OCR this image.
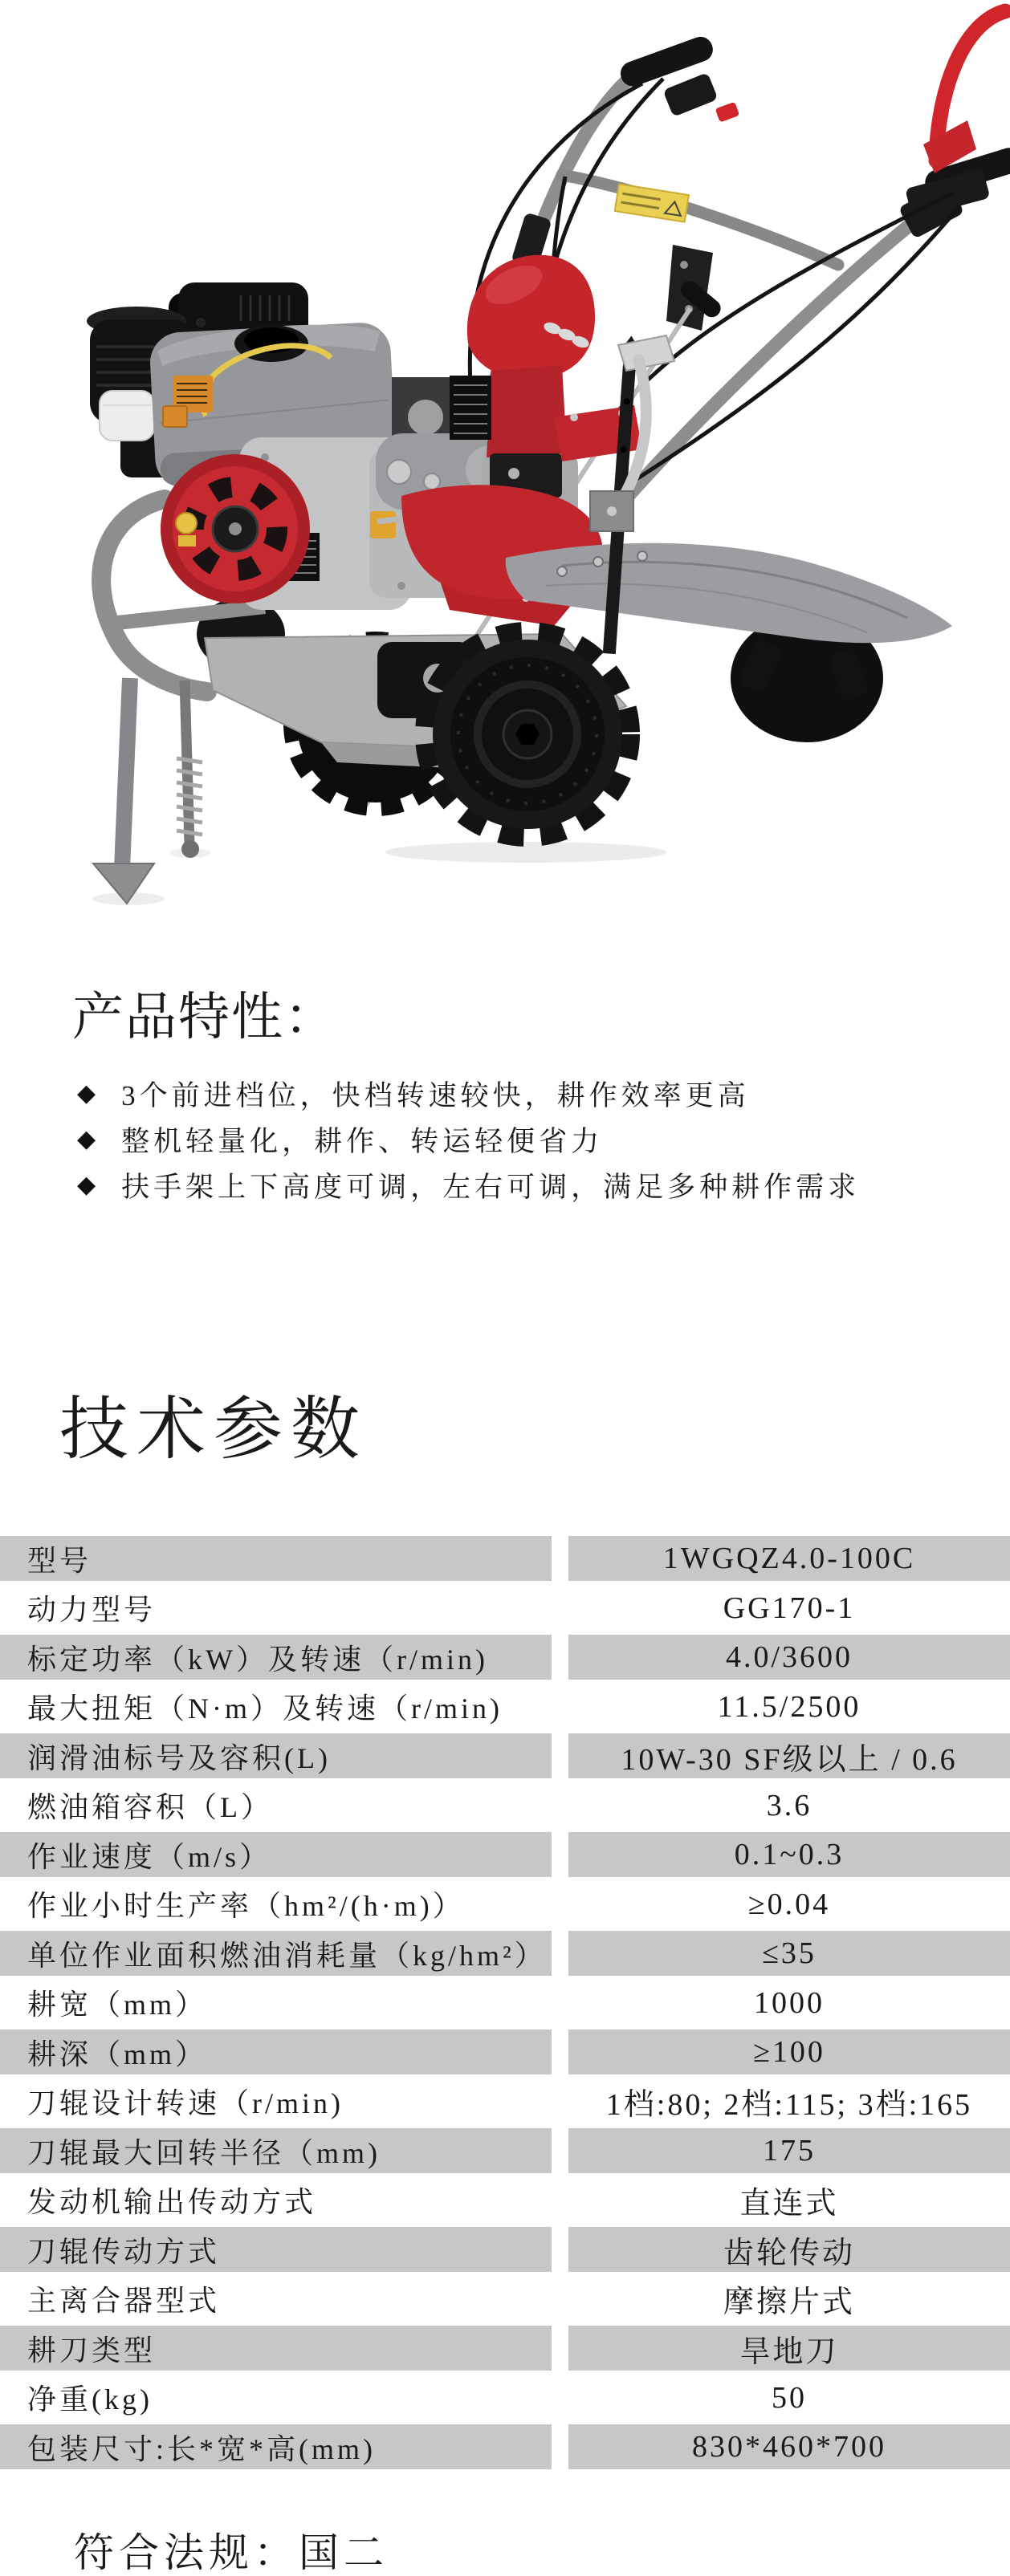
产品特性：
◆ 3个前进档位，快档转速较快，耕作效率更高
◆ 整机轻量化，耕作、转运轻便省力
◆ 扶手架上下高度可调，左右可调，满足多种耕作需求
技术参数
型号	1WGQZ4.0-100C
动力型号	GG170-1
标定功率（kW）及转速（r/min)	4.0/3600
最大扭矩（N·m）及转速（r/min)	11.5/2500
润滑油标号及容积(L)	10W-30 SF级以上 / 0.6
燃油箱容积（L）	3.6
作业速度（m/s）	0.1~0.3
作业小时生产率（hm²/(h·m)）	≥0.04
单位作业面积燃油消耗量（kg/hm²）	≤35
耕宽（mm）	1000
耕深（mm）	≥100
刀辊设计转速（r/min)	1档:80; 2档:115; 3档:165
刀辊最大回转半径（mm)	175
发动机输出传动方式	直连式
刀辊传动方式	齿轮传动
主离合器型式	摩擦片式
耕刀类型	旱地刀
净重(kg)	50
包装尺寸:长*宽*高(mm)	830*460*700
符合法规：国二
